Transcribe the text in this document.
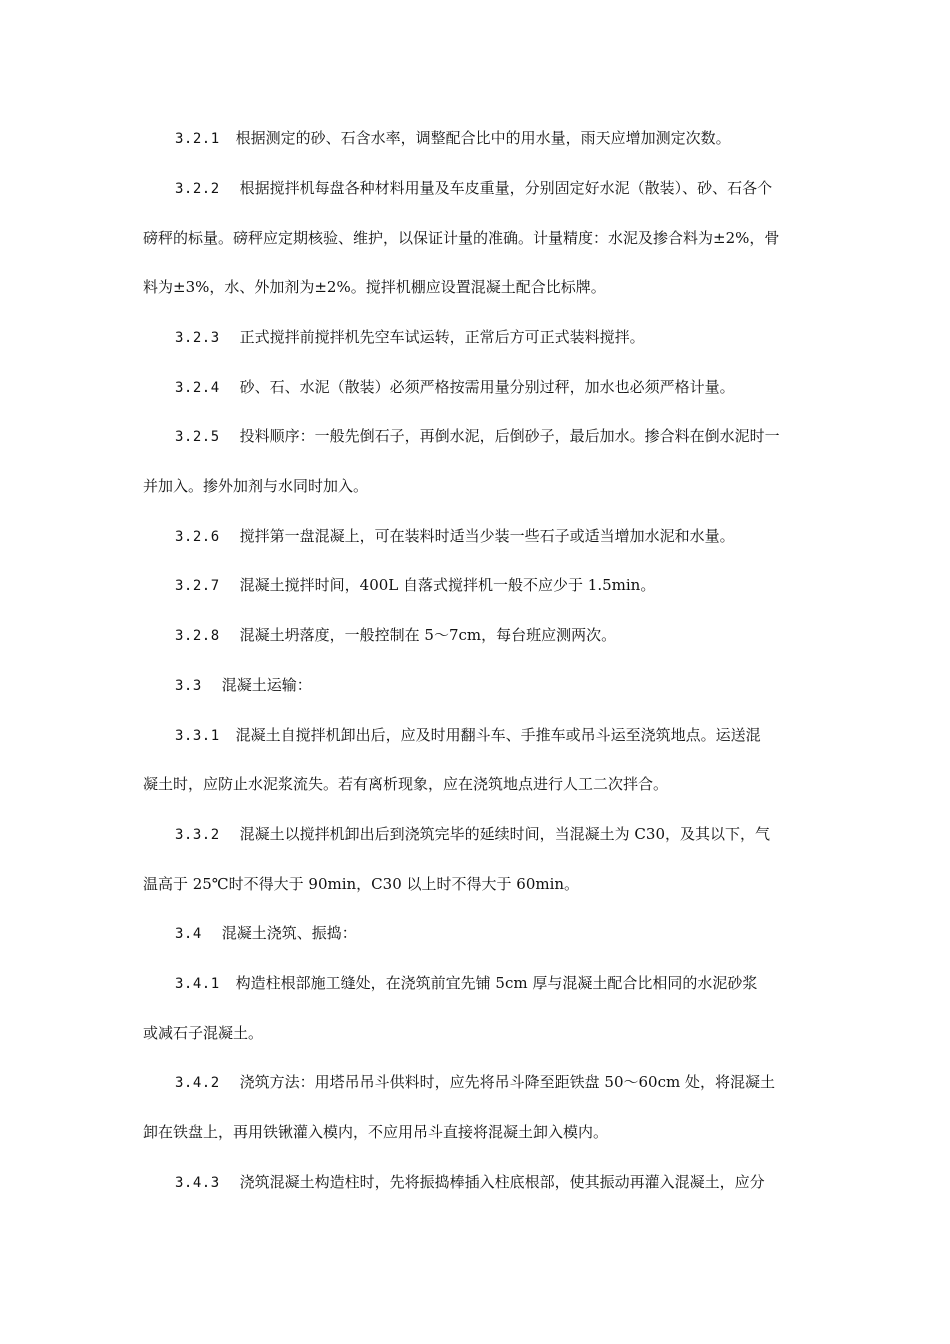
3.2.1 根据测定的砂、石含水率，调整配合比中的用水量，雨天应增加测定次数。
3.2.2 根据搅拌机每盘各种材料用量及车皮重量，分别固定好水泥（散装）、砂、石各个
磅秤的标量。磅秤应定期核验、维护，以保证计量的准确。计量精度：水泥及掺合料为±2%，骨
料为±3%，水、外加剂为±2%。搅拌机棚应设置混凝土配合比标牌。
3.2.3 正式搅拌前搅拌机先空车试运转，正常后方可正式装料搅拌。
3.2.4 砂、石、水泥（散装）必须严格按需用量分别过秤，加水也必须严格计量。
3.2.5 投料顺序：一般先倒石子，再倒水泥，后倒砂子，最后加水。掺合料在倒水泥时一
并加入。掺外加剂与水同时加入。
3.2.6 搅拌第一盘混凝上，可在装料时适当少装一些石子或适当增加水泥和水量。
3.2.7 混凝土搅拌时间，400L 自落式搅拌机一般不应少于 1.5min。
3.2.8 混凝土坍落度，一般控制在 5～7cm，每台班应测两次。
3.3 混凝土运输：
3.3.1 混凝土自搅拌机卸出后，应及时用翻斗车、手推车或吊斗运至浇筑地点。运送混
凝土时，应防止水泥浆流失。若有离析现象，应在浇筑地点进行人工二次拌合。
3.3.2 混凝土以搅拌机卸出后到浇筑完毕的延续时间，当混凝土为 C30，及其以下，气
温高于 25℃时不得大于 90min，C30 以上时不得大于 60min。
3.4 混凝土浇筑、振捣：
3.4.1 构造柱根部施工缝处，在浇筑前宜先铺 5cm 厚与混凝土配合比相同的水泥砂浆
或减石子混凝土。
3.4.2 浇筑方法：用塔吊吊斗供料时，应先将吊斗降至距铁盘 50～60cm 处，将混凝土
卸在铁盘上，再用铁锹灌入模内，不应用吊斗直接将混凝土卸入模内。
3.4.3 浇筑混凝土构造柱时，先将振捣棒插入柱底根部，使其振动再灌入混凝土，应分
